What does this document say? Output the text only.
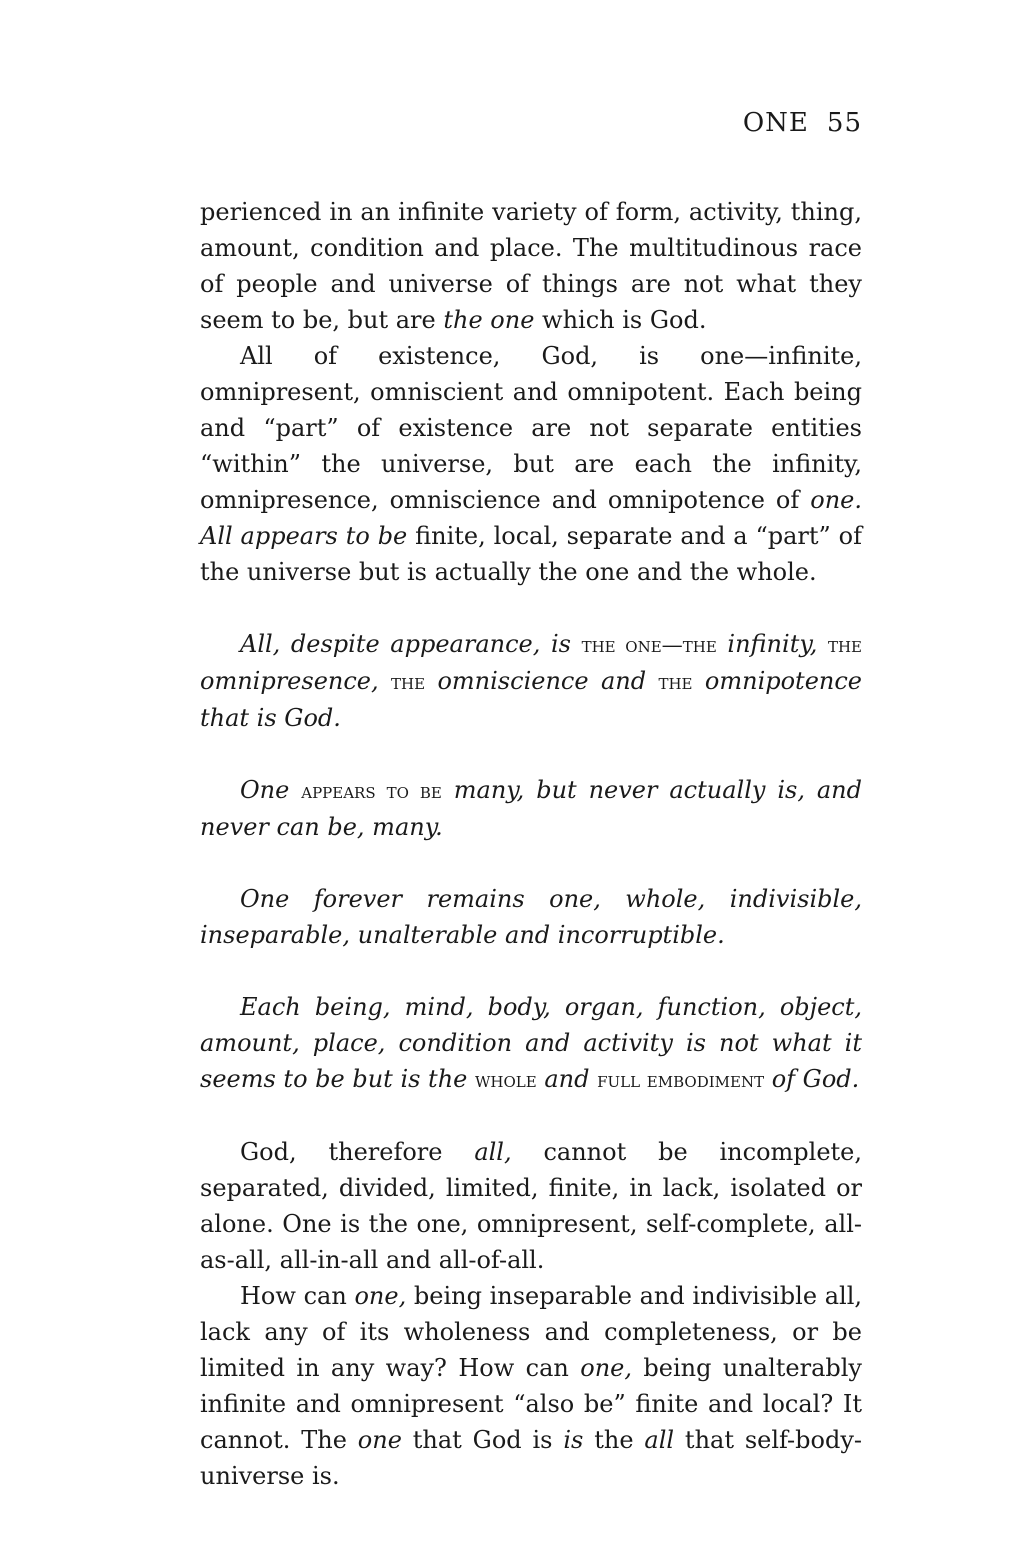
ONE 55

perienced in an infinite variety of form, activity, thing, amount, condition and place. The multitudinous race of people and universe of things are not what they seem to be, but are the one which is God.

All of existence, God, is one—infinite, omnipresent, omniscient and omnipotent. Each being and “part” of existence are not separate entities “within” the universe, but are each the infinity, omnipresence, omniscience and omnipotence of one. All appears to be finite, local, separate and a “part” of the universe but is actually the one and the whole.

All, despite appearance, is the one—the infinity, the omnipresence, the omniscience and the omnipotence that is God.

One appears to be many, but never actually is, and never can be, many.

One forever remains one, whole, indivisible, inseparable, unalterable and incorruptible.

Each being, mind, body, organ, function, object, amount, place, condition and activity is not what it seems to be but is the whole and full embodiment of God.

God, therefore all, cannot be incomplete, separated, divided, limited, finite, in lack, isolated or alone. One is the one, omnipresent, self-complete, all-as-all, all-in-all and all-of-all.

How can one, being inseparable and indivisible all, lack any of its wholeness and completeness, or be limited in any way? How can one, being unalterably infinite and omnipresent “also be” finite and local? It cannot. The one that God is is the all that self-body-universe is.
